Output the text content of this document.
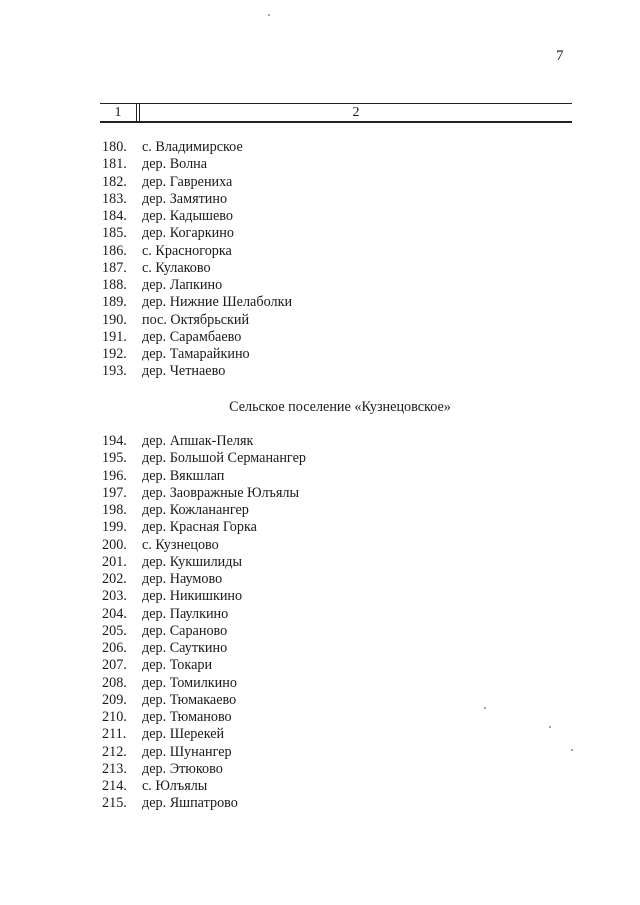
7
1	2
180. с. Владимирское
181. дер. Волна
182. дер. Гаврениха
183. дер. Замятино
184. дер. Кадышево
185. дер. Когаркино
186. с. Красногорка
187. с. Кулаково
188. дер. Лапкино
189. дер. Нижние Шелаболки
190. пос. Октябрьский
191. дер. Сарамбаево
192. дер. Тамарайкино
193. дер. Четнаево
Сельское поселение «Кузнецовское»
194. дер. Апшак-Пеляк
195. дер. Большой Серманангер
196. дер. Вякшлап
197. дер. Заовражные Юлъялы
198. дер. Кожланангер
199. дер. Красная Горка
200. с. Кузнецово
201. дер. Кукшилиды
202. дер. Наумово
203. дер. Никишкино
204. дер. Паулкино
205. дер. Сараново
206. дер. Сауткино
207. дер. Токари
208. дер. Томилкино
209. дер. Тюмакаево
210. дер. Тюманово
211. дер. Шерекей
212. дер. Шунангер
213. дер. Этюково
214. с. Юлъялы
215. дер. Яшпатрово
